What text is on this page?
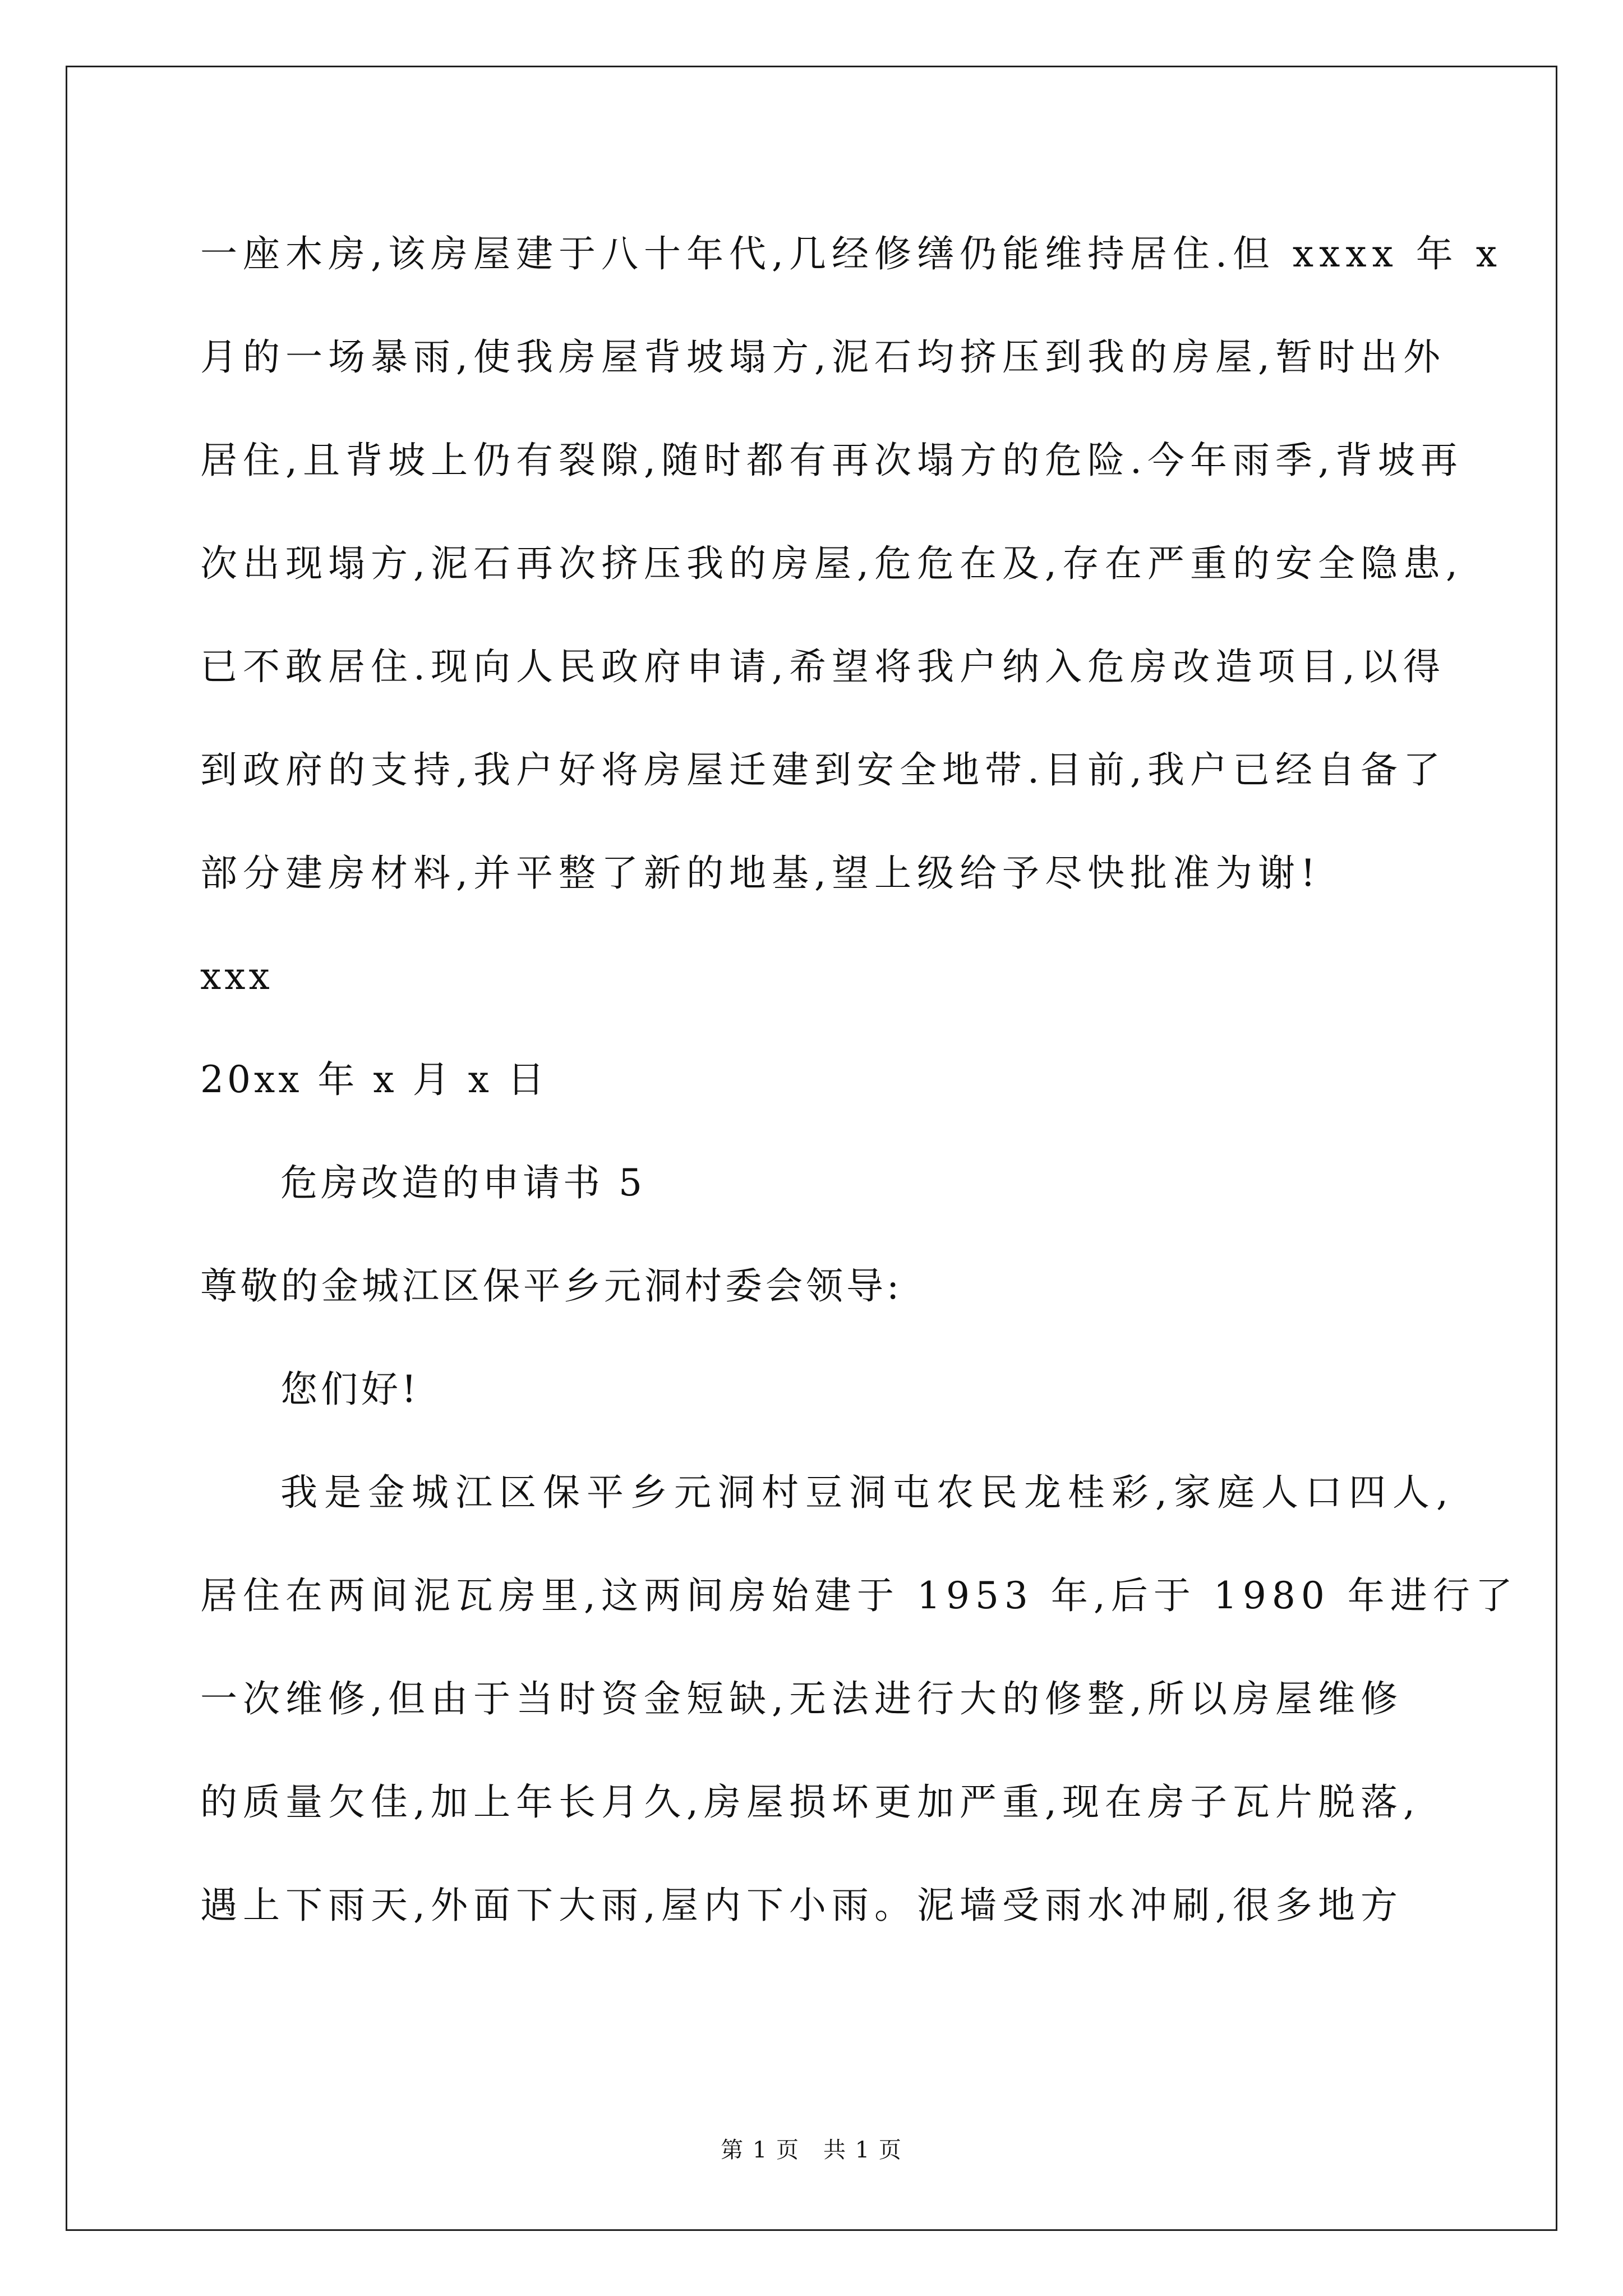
一座木房,该房屋建于八十年代,几经修缮仍能维持居住.但 xxxx 年 x
月的一场暴雨,使我房屋背坡塌方,泥石均挤压到我的房屋,暂时出外
居住,且背坡上仍有裂隙,随时都有再次塌方的危险.今年雨季,背坡再
次出现塌方,泥石再次挤压我的房屋,危危在及,存在严重的安全隐患,
已不敢居住.现向人民政府申请,希望将我户纳入危房改造项目,以得
到政府的支持,我户好将房屋迁建到安全地带.目前,我户已经自备了
部分建房材料,并平整了新的地基,望上级给予尽快批准为谢!
xxx
20xx 年 x 月 x 日
危房改造的申请书 5
尊敬的金城江区保平乡元洞村委会领导:
您们好!
我是金城江区保平乡元洞村豆洞屯农民龙桂彩,家庭人口四人,
居住在两间泥瓦房里,这两间房始建于 1953 年,后于 1980 年进行了
一次维修,但由于当时资金短缺,无法进行大的修整,所以房屋维修
的质量欠佳,加上年长月久,房屋损坏更加严重,现在房子瓦片脱落,
遇上下雨天,外面下大雨,屋内下小雨。泥墙受雨水冲刷,很多地方
第 1 页　共 1 页
